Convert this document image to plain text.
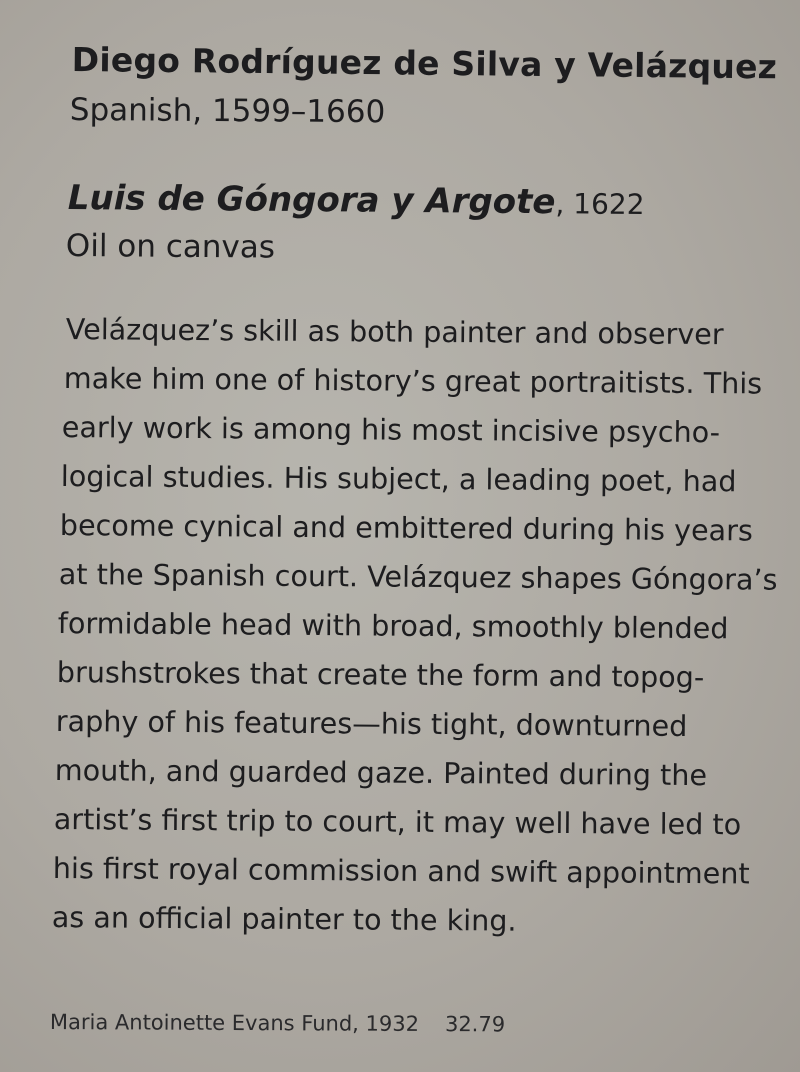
Diego Rodríguez de Silva y Velázquez

Spanish, 1599–1660

Luis de Góngora y Argote, 1622

Oil on canvas

Velázquez’s skill as both painter and observer
make him one of history’s great portraitists. This
early work is among his most incisive psycho-
logical studies. His subject, a leading poet, had
become cynical and embittered during his years
at the Spanish court. Velázquez shapes Góngora’s
formidable head with broad, smoothly blended
brushstrokes that create the form and topog-
raphy of his features—his tight, downturned
mouth, and guarded gaze. Painted during the
artist’s first trip to court, it may well have led to
his first royal commission and swift appointment
as an official painter to the king.

Maria Antoinette Evans Fund, 1932 32.79
